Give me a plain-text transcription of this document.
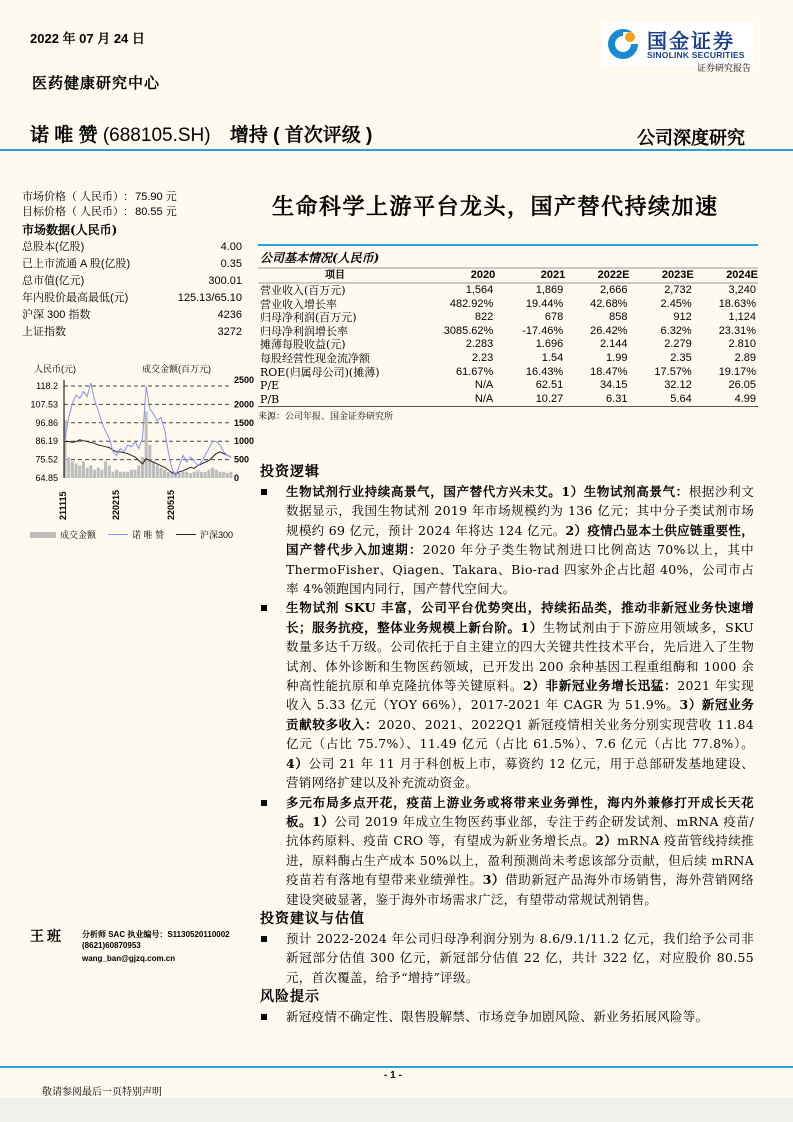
2022 年 07 月 24 日
医药健康研究中心
诺 唯 赞 (688105.SH) 增持 ( 首次评级 )	公司深度研究
国金证券
SINOLINK SECURITIES
证券研究报告
市场价格（ 人民币）: 75.90 元
目标价格（ 人民币）: 80.55 元
市场数据(人民币)
总股本(亿股)	4.00
已上市流通 A 股(亿股)	0.35
总市值(亿元)	300.01
年内股价最高最低(元)	125.13/65.10
沪深 300 指数	4236
上证指数	3272
人民币(元)	成交金额(百万元)
118.2
2500
107.53	2000
96.86	1500
86.19	1000
75.52	500
64.85	0
211115	220215	220515
成交金额	诺 唯 赞	沪深300
生命科学上游平台龙头，国产替代持续加速
公司基本情况(人民币)
项目	2020	2021	2022E	2023E	2024E
营业收入(百万元)	1,564	1,869	2,666	2,732	3,240
营业收入增长率	482.92%	19.44%	42.68%	2.45%	18.63%
归母净利润(百万元)	822	678	858	912	1,124
归母净利润增长率	3085.62%	-17.46%	26.42%	6.32%	23.31%
摊薄每股收益(元)	2.283	1.696	2.144	2.279	2.810
每股经营性现金流净额	2.23	1.54	1.99	2.35	2.89
ROE(归属母公司)(摊薄)	61.67%	16.43%	18.47%	17.57%	19.17%
P/E	N/A	62.51	34.15	32.12	26.05
P/B	N/A	10.27	6.31	5.64	4.99
来源：公司年报、国金证券研究所
投资逻辑
生物试剂行业持续高景气，国产替代方兴未艾。1）生物试剂高景气：根据沙利文数据显示，我国生物试剂 2019 年市场规模约为 136 亿元；其中分子类试剂市场规模约 69 亿元，预计 2024 年将达 124 亿元。2）疫情凸显本土供应链重要性，国产替代步入加速期：2020 年分子类生物试剂进口比例高达 70%以上，其中 ThermoFisher、Qiagen、Takara、Bio-rad 四家外企占比超 40%，公司市占率 4%领跑国内同行，国产替代空间大。
生物试剂 SKU 丰富，公司平台优势突出，持续拓品类，推动非新冠业务快速增长；服务抗疫，整体业务规模上新台阶。1）生物试剂由于下游应用领域多，SKU 数量多达千万级。公司依托于自主建立的四大关键共性技术平台，先后进入了生物试剂、体外诊断和生物医药领域，已开发出 200 余种基因工程重组酶和 1000 余种高性能抗原和单克隆抗体等关键原料。2）非新冠业务增长迅猛：2021 年实现收入 5.33 亿元（YOY 66%），2017-2021 年 CAGR 为 51.9%。3）新冠业务贡献较多收入：2020、2021、2022Q1 新冠疫情相关业务分别实现营收 11.84 亿元（占比 75.7%）、11.49 亿元（占比 61.5%）、7.6 亿元（占比 77.8%）。4）公司 21 年 11 月于科创板上市，募资约 12 亿元，用于总部研发基地建设、营销网络扩建以及补充流动资金。
多元布局多点开花，疫苗上游业务或将带来业务弹性，海内外兼修打开成长天花板。1）公司 2019 年成立生物医药事业部，专注于药企研发试剂、mRNA 疫苗/抗体药原料、疫苗 CRO 等，有望成为新业务增长点。2）mRNA 疫苗管线持续推进，原料酶占生产成本 50%以上，盈利预测尚未考虑该部分贡献，但后续 mRNA 疫苗若有落地有望带来业绩弹性。3）借助新冠产品海外市场销售，海外营销网络建设突破显著，鉴于海外市场需求广泛，有望带动常规试剂销售。
投资建议与估值
预计 2022-2024 年公司归母净利润分别为 8.6/9.1/11.2 亿元，我们给予公司非新冠部分估值 300 亿元，新冠部分估值 22 亿，共计 322 亿，对应股价 80.55 元，首次覆盖，给予“增持”评级。
风险提示
新冠疫情不确定性、限售股解禁、市场竞争加剧风险、新业务拓展风险等。
王班 分析师 SAC 执业编号：S1130520110002
(8621)60870953
wang_ban@gjzq.com.cn
- 1 -
敬请参阅最后一页特别声明
